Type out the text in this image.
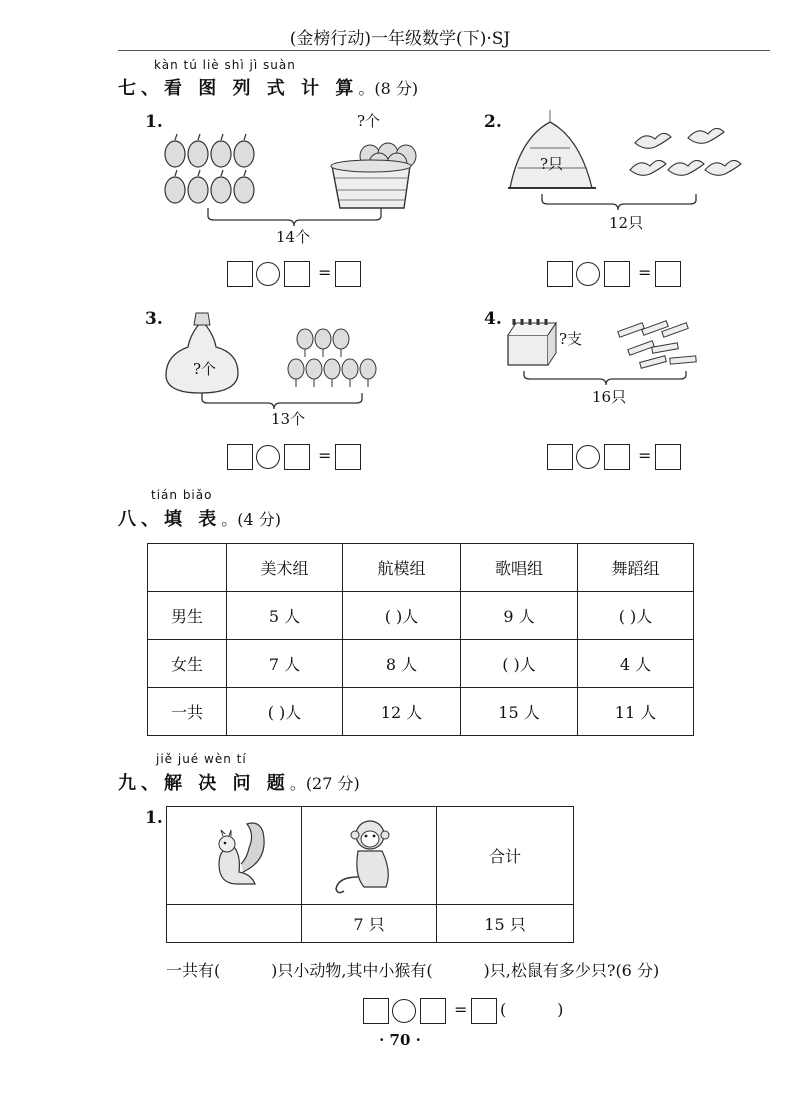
(金榜行动)一年级数学(下)·SJ
kàn tú liè shì jì suàn
七、看 图 列 式 计 算。(8 分)
1.	?个
14个
=
2.
?只
12只
=
3.
?个
13个
=
4.
?支
16只
=
tián biǎo
八、填 表。(4 分)
	美术组	航模组	歌唱组	舞蹈组
男生	5 人	( )人	9 人	( )人
女生	7 人	8 人	( )人	4 人
一共	( )人	12 人	15 人	11 人
jiě jué wèn tí
九、解 决 问 题。(27 分)
1.
		合计
	7 只	15 只
一共有(          )只小动物,其中小猴有(          )只,松鼠有多少只?(6 分)
= (          )
· 70 ·
